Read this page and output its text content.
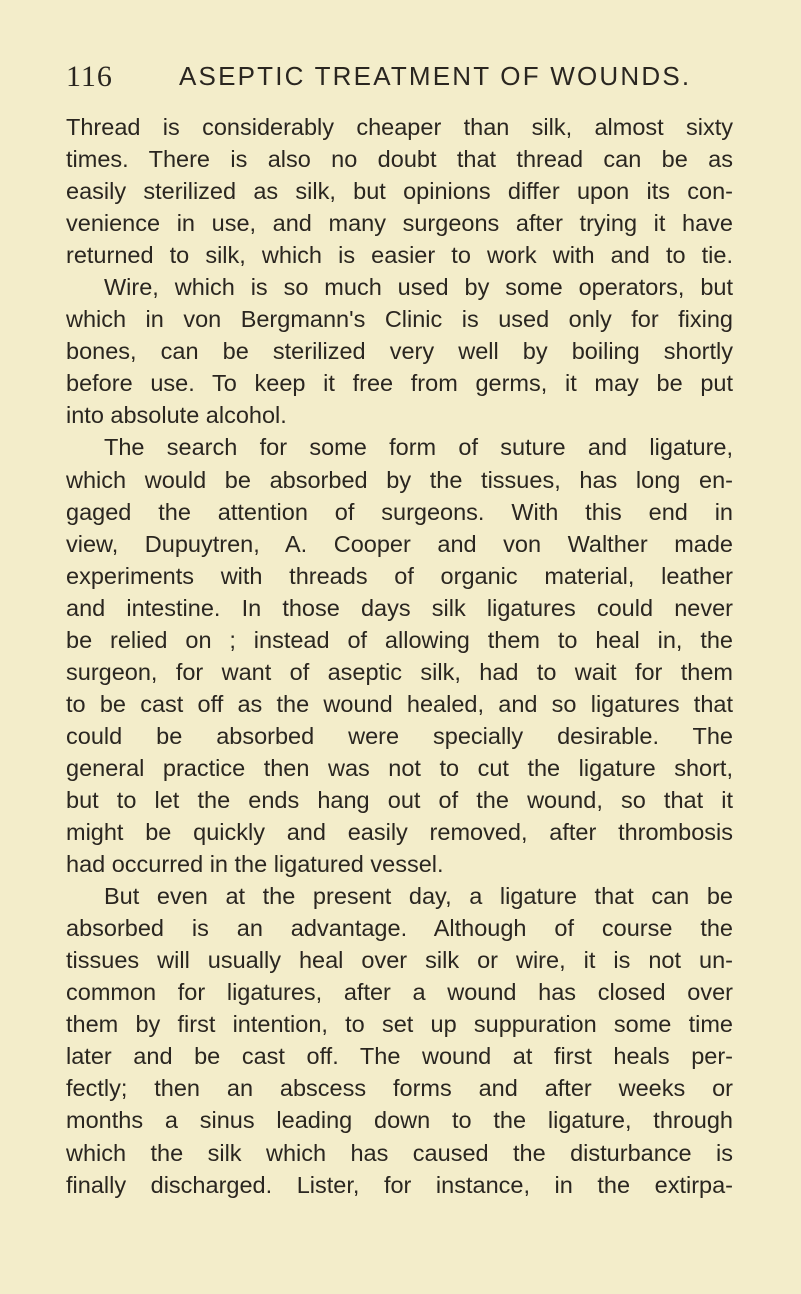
116	ASEPTIC TREATMENT OF WOUNDS.
Thread is considerably cheaper than silk, almost sixty
times. There is also no doubt that thread can be as
easily sterilized as silk, but opinions differ upon its con-
venience in use, and many surgeons after trying it have
returned to silk, which is easier to work with and to tie.
Wire, which is so much used by some operators, but
which in von Bergmann's Clinic is used only for fixing
bones, can be sterilized very well by boiling shortly
before use. To keep it free from germs, it may be put
into absolute alcohol.
The search for some form of suture and ligature,
which would be absorbed by the tissues, has long en-
gaged the attention of surgeons. With this end in
view, Dupuytren, A. Cooper and von Walther made
experiments with threads of organic material, leather
and intestine. In those days silk ligatures could never
be relied on ; instead of allowing them to heal in, the
surgeon, for want of aseptic silk, had to wait for them
to be cast off as the wound healed, and so ligatures that
could be absorbed were specially desirable. The
general practice then was not to cut the ligature short,
but to let the ends hang out of the wound, so that it
might be quickly and easily removed, after thrombosis
had occurred in the ligatured vessel.
But even at the present day, a ligature that can be
absorbed is an advantage. Although of course the
tissues will usually heal over silk or wire, it is not un-
common for ligatures, after a wound has closed over
them by first intention, to set up suppuration some time
later and be cast off. The wound at first heals per-
fectly; then an abscess forms and after weeks or
months a sinus leading down to the ligature, through
which the silk which has caused the disturbance is
finally discharged. Lister, for instance, in the extirpa-
